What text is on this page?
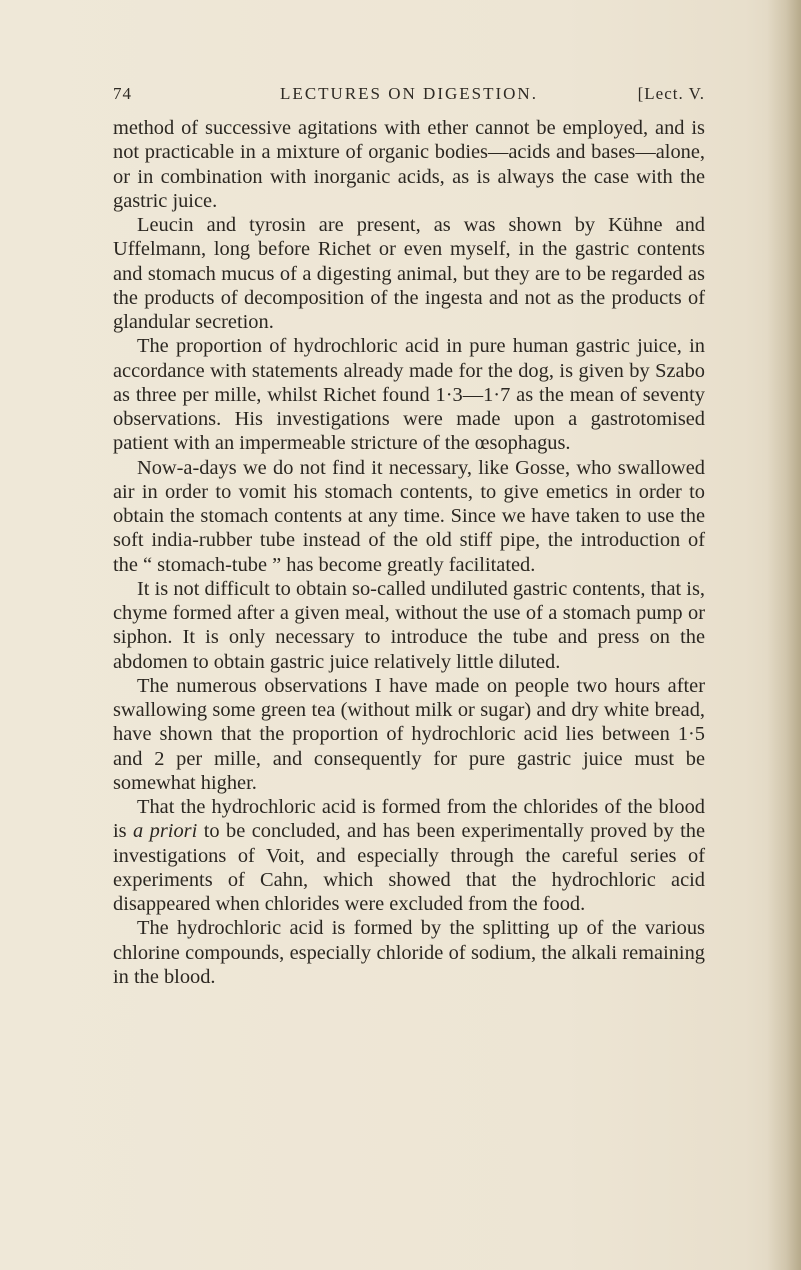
74	LECTURES ON DIGESTION.	[Lect. V.

method of successive agitations with ether cannot be employed, and is not practicable in a mixture of organic bodies—acids and bases—alone, or in combination with inorganic acids, as is always the case with the gastric juice.

Leucin and tyrosin are present, as was shown by Kühne and Uffelmann, long before Richet or even myself, in the gastric contents and stomach mucus of a digesting animal, but they are to be regarded as the products of decomposition of the ingesta and not as the products of glandular secretion.

The proportion of hydrochloric acid in pure human gastric juice, in accordance with statements already made for the dog, is given by Szabo as three per mille, whilst Richet found 1·3—1·7 as the mean of seventy observations. His investigations were made upon a gastrotomised patient with an impermeable stricture of the œsophagus.

Now-a-days we do not find it necessary, like Gosse, who swallowed air in order to vomit his stomach contents, to give emetics in order to obtain the stomach contents at any time. Since we have taken to use the soft india-rubber tube instead of the old stiff pipe, the introduction of the “ stomach-tube ” has become greatly facilitated.

It is not difficult to obtain so-called undiluted gastric contents, that is, chyme formed after a given meal, without the use of a stomach pump or siphon. It is only necessary to introduce the tube and press on the abdomen to obtain gastric juice relatively little diluted.

The numerous observations I have made on people two hours after swallowing some green tea (without milk or sugar) and dry white bread, have shown that the proportion of hydrochloric acid lies between 1·5 and 2 per mille, and consequently for pure gastric juice must be somewhat higher.

That the hydrochloric acid is formed from the chlorides of the blood is a priori to be concluded, and has been experimentally proved by the investigations of Voit, and especially through the careful series of experiments of Cahn, which showed that the hydrochloric acid disappeared when chlorides were excluded from the food.

The hydrochloric acid is formed by the splitting up of the various chlorine compounds, especially chloride of sodium, the alkali remaining in the blood.
